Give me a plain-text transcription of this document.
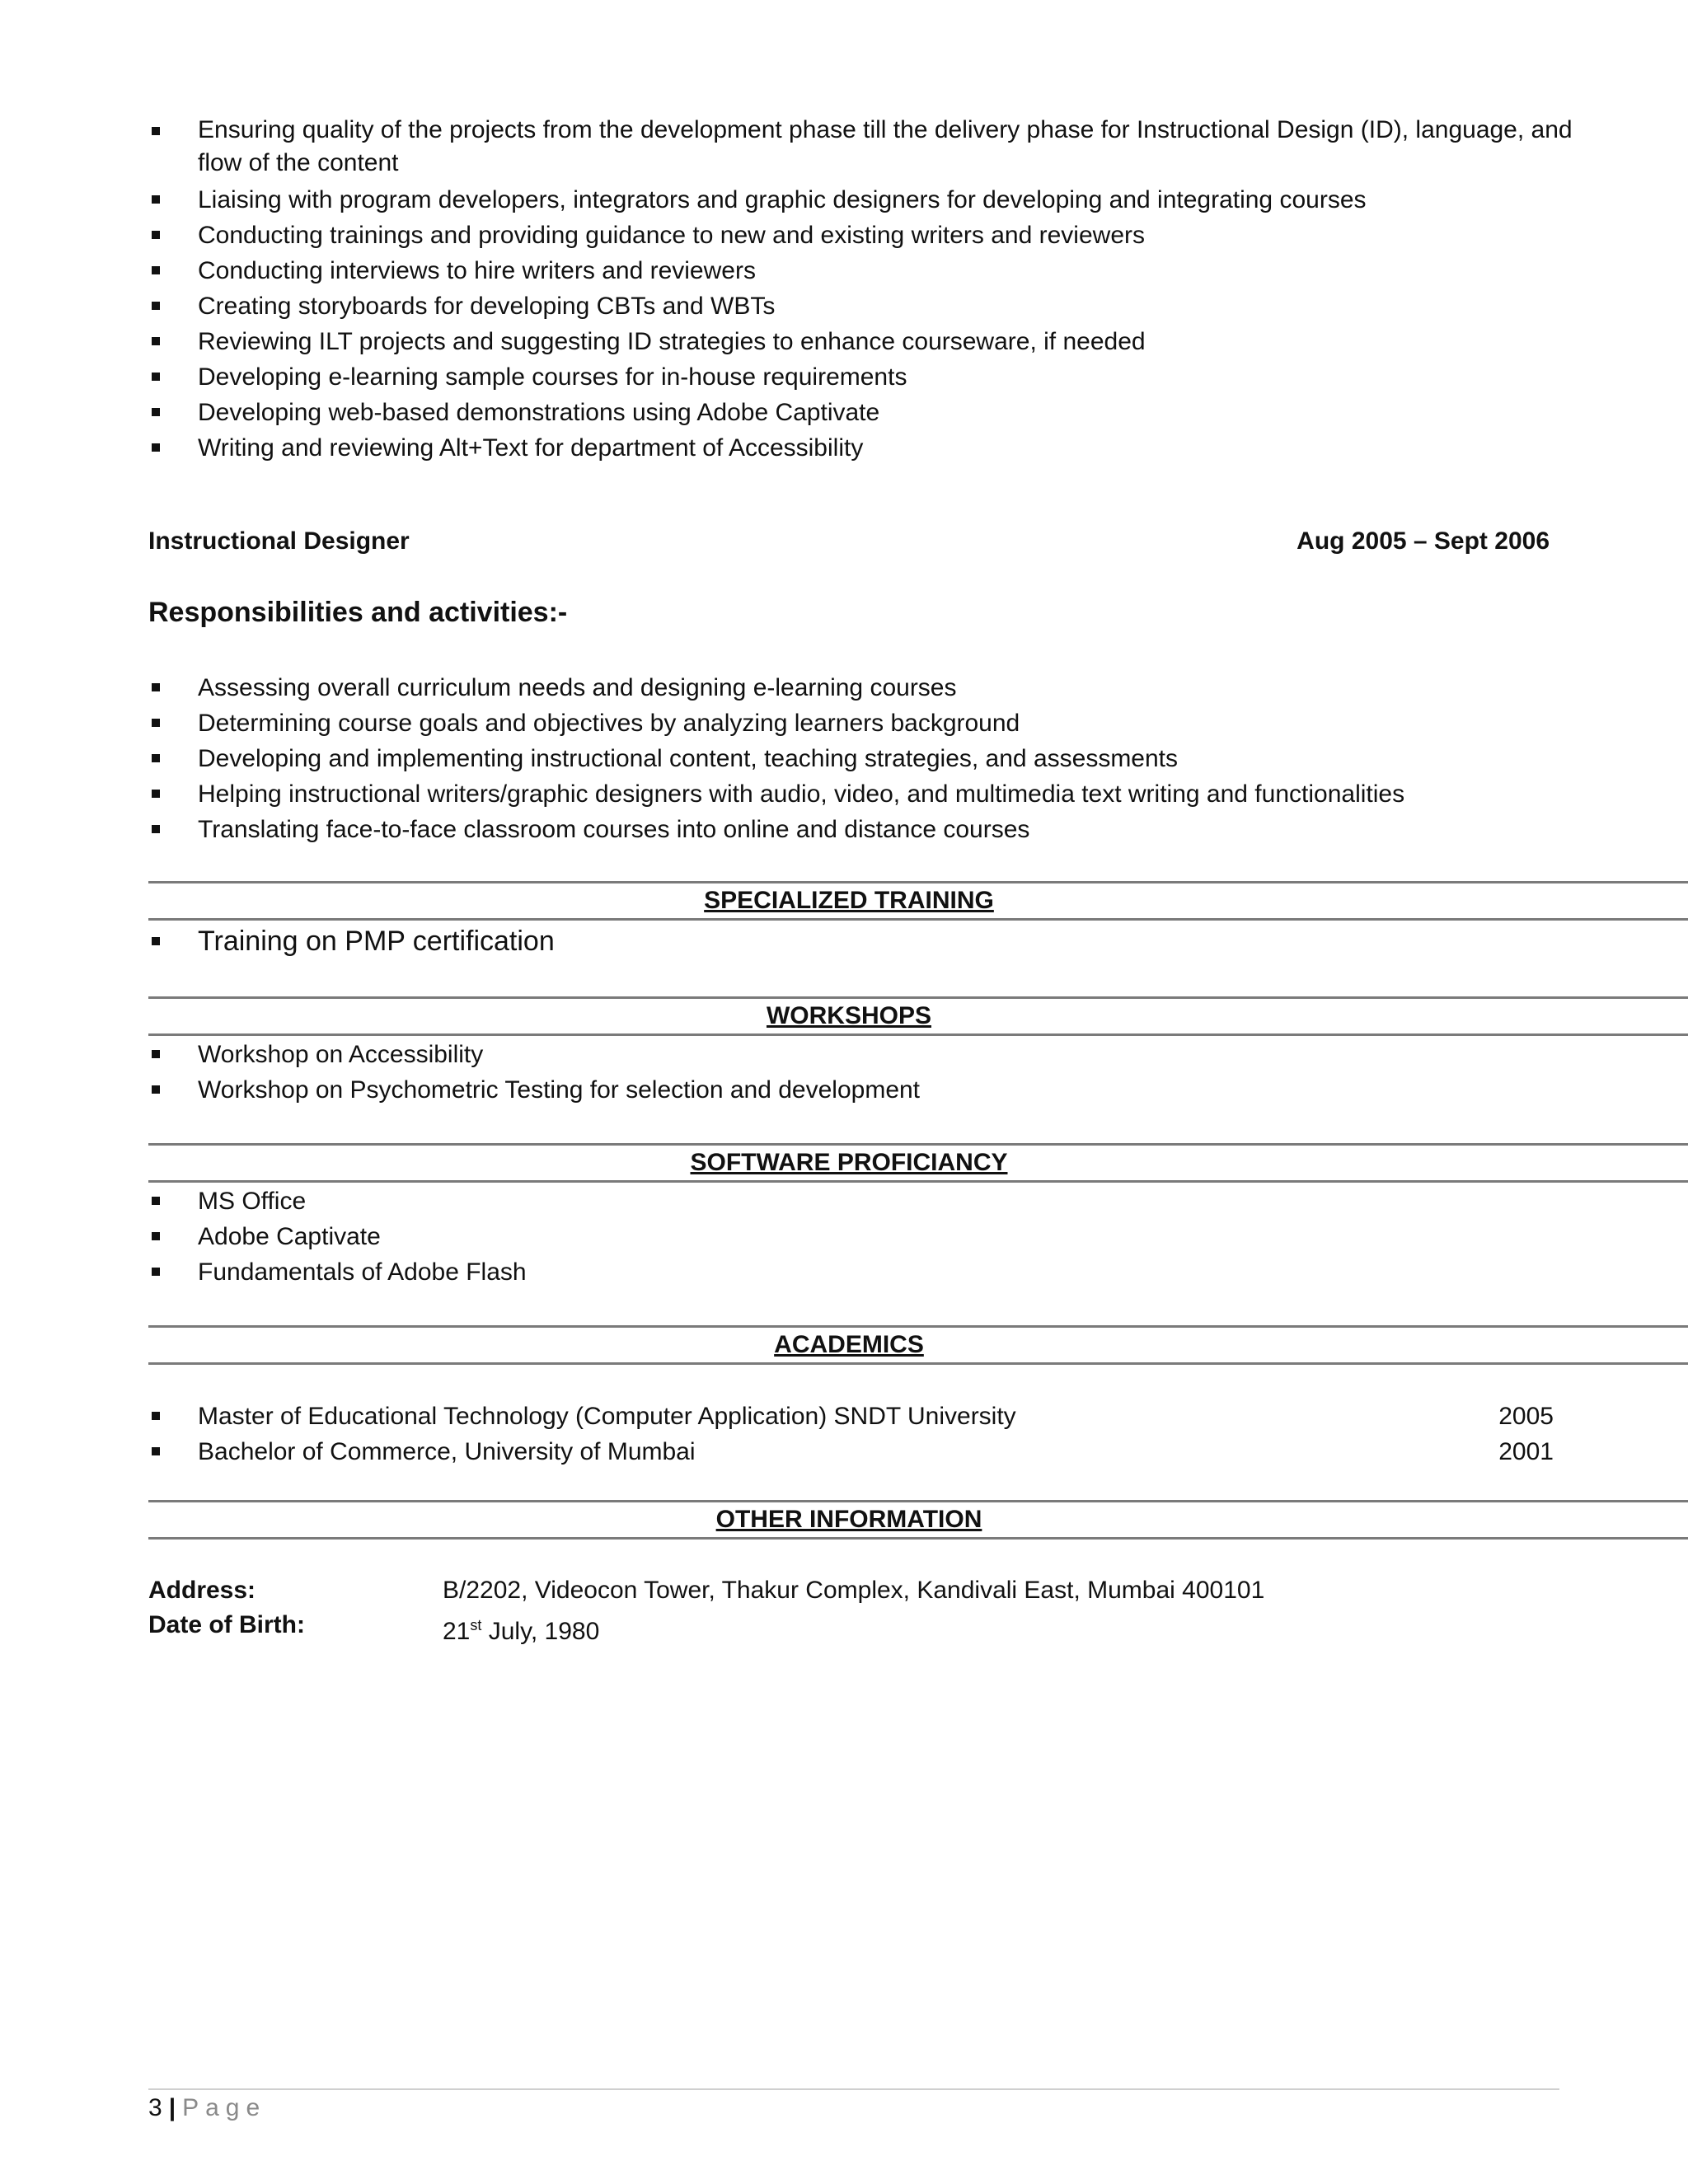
Ensuring quality of the projects from the development phase till the delivery phase for Instructional Design (ID), language, and flow of the content
Liaising with program developers, integrators and graphic designers for developing and integrating courses
Conducting trainings and providing guidance to new and existing writers and reviewers
Conducting interviews to hire writers and reviewers
Creating storyboards for developing CBTs and WBTs
Reviewing ILT projects and suggesting ID strategies to enhance courseware, if needed
Developing e-learning sample courses for in-house requirements
Developing web-based demonstrations using Adobe Captivate
Writing and reviewing Alt+Text for department of Accessibility
Instructional Designer	Aug 2005 – Sept 2006
Responsibilities and activities:-
Assessing overall curriculum needs and designing e-learning courses
Determining course goals and objectives by analyzing learners background
Developing and implementing instructional content, teaching strategies, and assessments
Helping instructional writers/graphic designers with audio, video, and multimedia text writing and functionalities
Translating face-to-face classroom courses into online and distance courses
SPECIALIZED TRAINING
Training on PMP certification
WORKSHOPS
Workshop on Accessibility
Workshop on Psychometric Testing for selection and development
SOFTWARE PROFICIANCY
MS Office
Adobe Captivate
Fundamentals of Adobe Flash
ACADEMICS
Master of Educational Technology (Computer Application) SNDT University	2005
Bachelor of Commerce, University of Mumbai	2001
OTHER INFORMATION
Address:	B/2202, Videocon Tower, Thakur Complex, Kandivali East, Mumbai 400101
Date of Birth:	21st July, 1980
3 | Page
